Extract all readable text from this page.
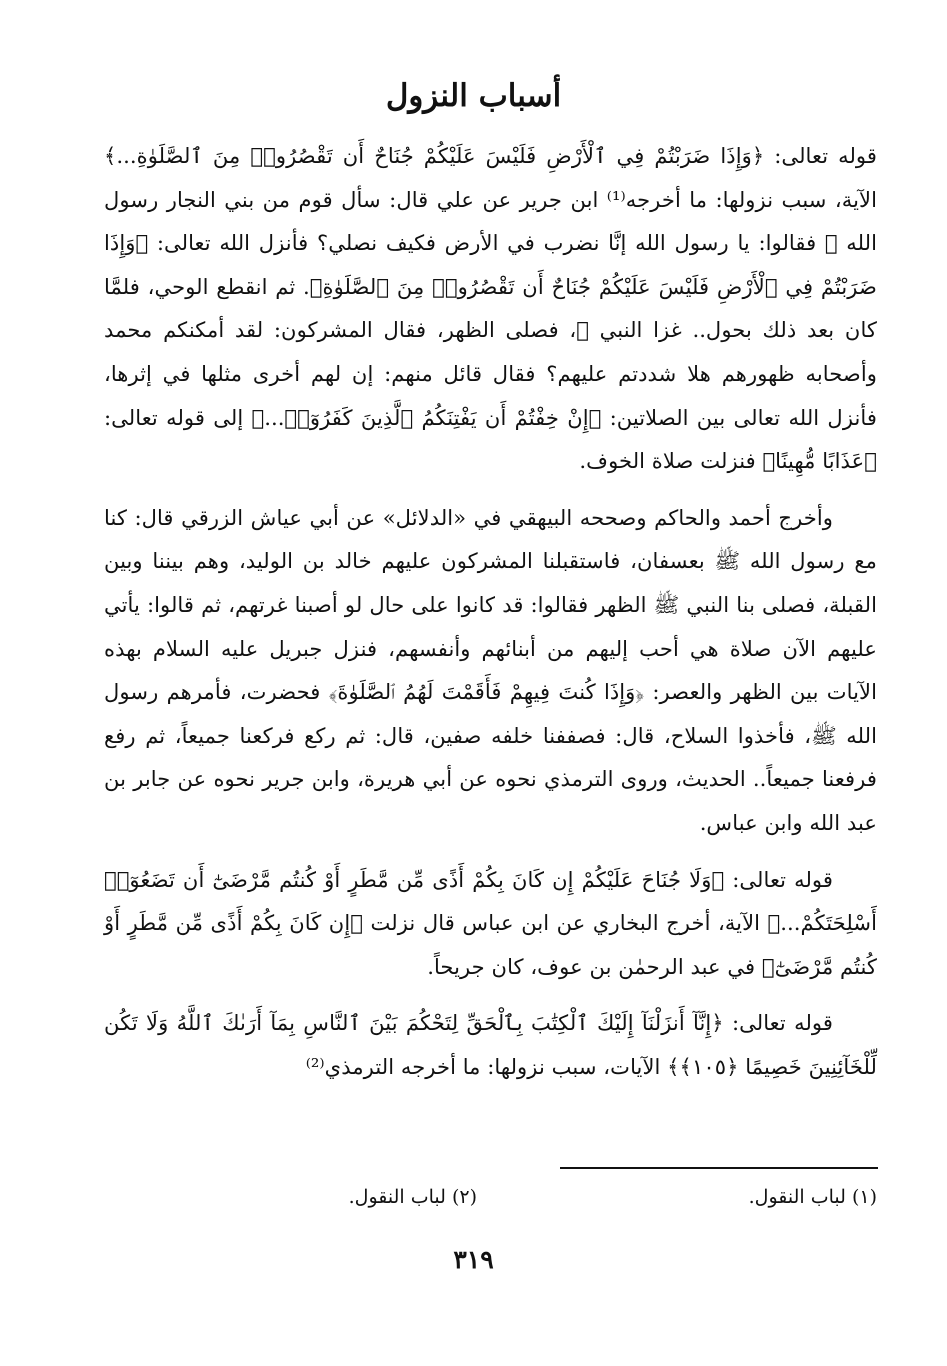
أسباب النزول

قوله تعالى: ﴿وَإِذَا ضَرَبْتُمْ فِي ٱلْأَرْضِ فَلَيْسَ عَلَيْكُمْ جُنَاحٌ أَن تَقْصُرُوا۟ مِنَ ٱلصَّلَوٰةِ...﴾ الآية، سبب نزولها: ما أخرجه⁽¹⁾ ابن جرير عن علي قال: سأل قوم من بني النجار رسول الله ﷺ فقالوا: يا رسول الله إنَّا نضرب في الأرض فكيف نصلي؟ فأنزل الله تعالى: ﴿وَإِذَا ضَرَبْتُمْ فِي ٱلْأَرْضِ فَلَيْسَ عَلَيْكُمْ جُنَاحٌ أَن تَقْصُرُوا۟ مِنَ ٱلصَّلَوٰةِ﴾. ثم انقطع الوحي، فلمَّا كان بعد ذلك بحول.. غزا النبي ﷺ، فصلى الظهر، فقال المشركون: لقد أمكنكم محمد وأصحابه ظهورهم هلا شددتم عليهم؟ فقال قائل منهم: إن لهم أخرى مثلها في إثرها، فأنزل الله تعالى بين الصلاتين: ﴿إِنْ خِفْتُمْ أَن يَفْتِنَكُمُ ٱلَّذِينَ كَفَرُوٓا۟...﴾ إلى قوله تعالى: ﴿عَذَابًا مُّهِينًا﴾ فنزلت صلاة الخوف.

وأخرج أحمد والحاكم وصححه البيهقي في «الدلائل» عن أبي عياش الزرقي قال: كنا مع رسول الله ﷺ بعسفان، فاستقبلنا المشركون عليهم خالد بن الوليد، وهم بيننا وبين القبلة، فصلى بنا النبي ﷺ الظهر فقالوا: قد كانوا على حال لو أصبنا غرتهم، ثم قالوا: يأتي عليهم الآن صلاة هي أحب إليهم من أبنائهم وأنفسهم، فنزل جبريل عليه السلام بهذه الآيات بين الظهر والعصر: ﴿وَإِذَا كُنتَ فِيهِمْ فَأَقَمْتَ لَهُمُ ٱلصَّلَوٰةَ﴾ فحضرت، فأمرهم رسول الله ﷺ، فأخذوا السلاح، قال: فصففنا خلفه صفين، قال: ثم ركع فركعنا جميعاً، ثم رفع فرفعنا جميعاً.. الحديث، وروى الترمذي نحوه عن أبي هريرة، وابن جرير نحوه عن جابر بن عبد الله وابن عباس.

قوله تعالى: ﴿وَلَا جُنَاحَ عَلَيْكُمْ إِن كَانَ بِكُمْ أَذًى مِّن مَّطَرٍ أَوْ كُنتُم مَّرْضَىٰٓ أَن تَضَعُوٓا۟ أَسْلِحَتَكُمْ...﴾ الآية، أخرج البخاري عن ابن عباس قال نزلت ﴿إِن كَانَ بِكُمْ أَذًى مِّن مَّطَرٍ أَوْ كُنتُم مَّرْضَىٰٓ﴾ في عبد الرحمٰن بن عوف، كان جريحاً.

قوله تعالى: ﴿إِنَّآ أَنزَلْنَآ إِلَيْكَ ٱلْكِتَٰبَ بِٱلْحَقِّ لِتَحْكُمَ بَيْنَ ٱلنَّاسِ بِمَآ أَرَىٰكَ ٱللَّهُ وَلَا تَكُن لِّلْخَآئِنِينَ خَصِيمًا ﴿١٠٥﴾﴾ الآيات، سبب نزولها: ما أخرجه الترمذي⁽²⁾

(١) لباب النقول.
(٢) لباب النقول.
٣١٩
